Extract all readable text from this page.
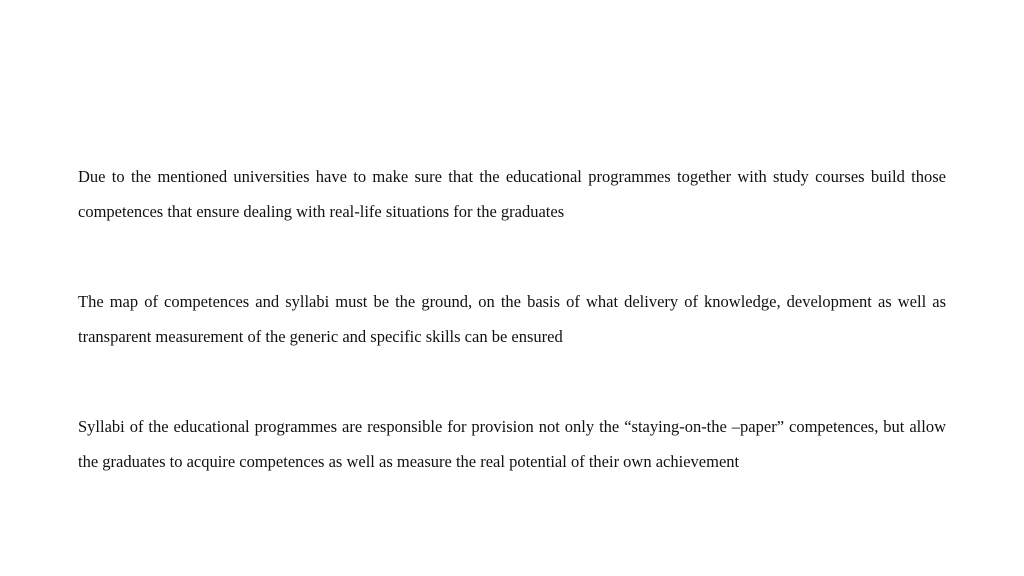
Due to the mentioned universities have to make sure that the educational programmes together with study courses build those competences that ensure dealing with real-life situations for the graduates

The map of competences and syllabi must be the ground, on the basis of what delivery of knowledge, development as well as transparent measurement of the generic and specific skills can be ensured

Syllabi of the educational programmes are responsible for provision not only the “staying-on-the –paper” competences, but allow the graduates to acquire competences as well as measure the real potential of their own achievement
